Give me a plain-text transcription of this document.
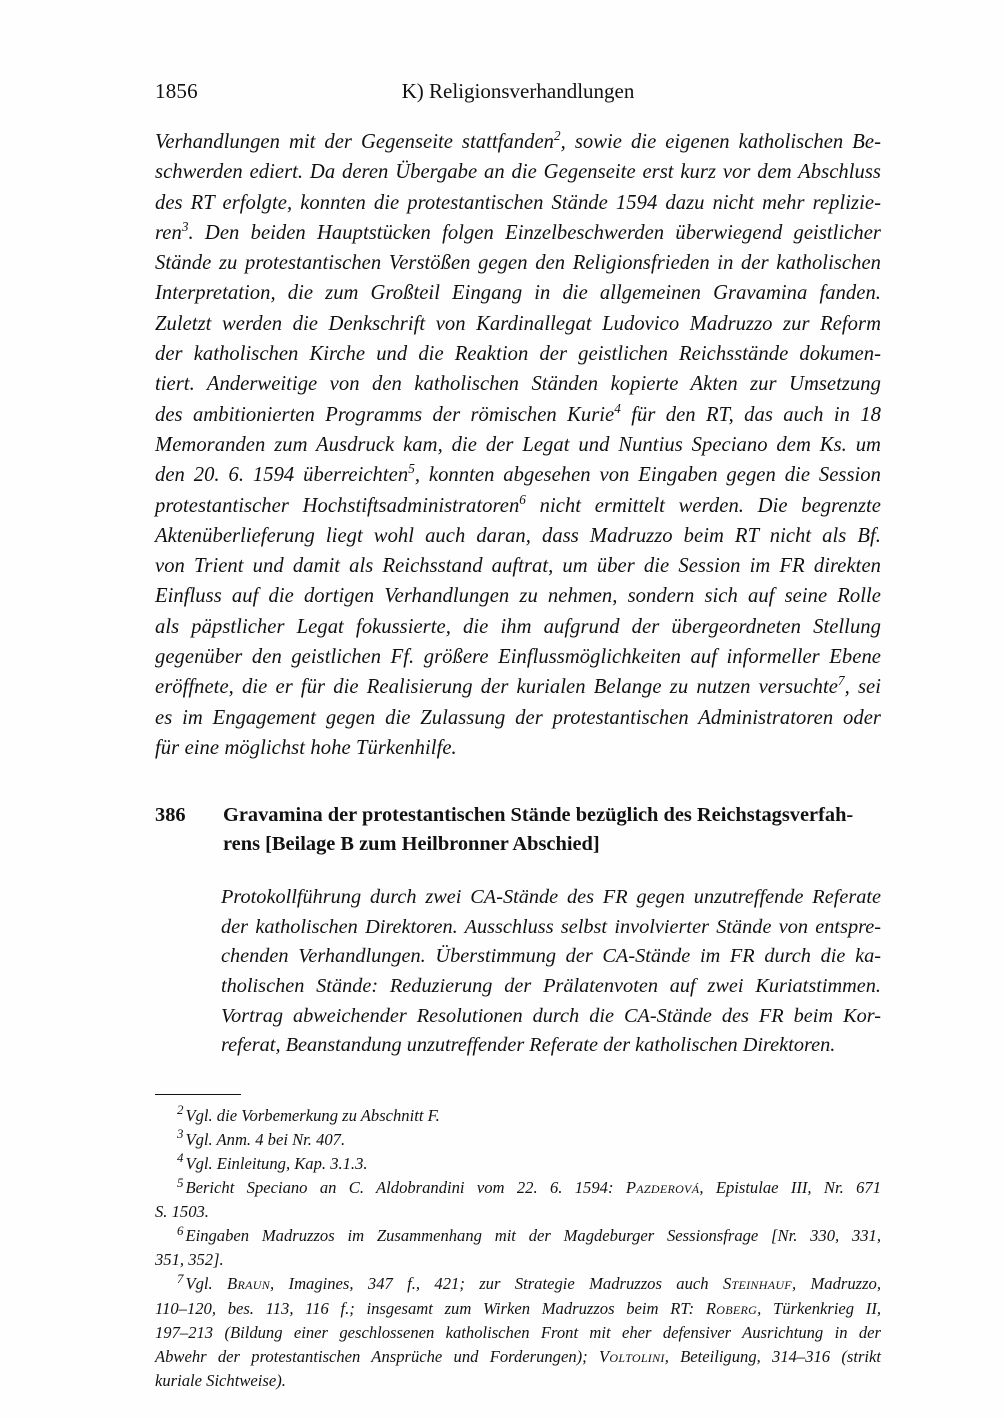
1856	K) Religionsverhandlungen
Verhandlungen mit der Gegenseite stattfanden$^2$, sowie die eigenen katholischen Be-
schwerden ediert. Da deren Übergabe an die Gegenseite erst kurz vor dem Abschluss
des RT erfolgte, konnten die protestantischen Stände 1594 dazu nicht mehr replizie-
ren$^3$. Den beiden Hauptstücken folgen Einzelbeschwerden überwiegend geistlicher
Stände zu protestantischen Verstößen gegen den Religionsfrieden in der katholischen
Interpretation, die zum Großteil Eingang in die allgemeinen Gravamina fanden.
Zuletzt werden die Denkschrift von Kardinallegat Ludovico Madruzzo zur Reform
der katholischen Kirche und die Reaktion der geistlichen Reichsstände dokumen-
tiert. Anderweitige von den katholischen Ständen kopierte Akten zur Umsetzung
des ambitionierten Programms der römischen Kurie$^4$ für den RT, das auch in 18
Memoranden zum Ausdruck kam, die der Legat und Nuntius Speciano dem Ks. um
den 20. 6. 1594 überreichten$^5$, konnten abgesehen von Eingaben gegen die Session
protestantischer Hochstiftsadministratoren$^6$ nicht ermittelt werden. Die begrenzte
Aktenüberlieferung liegt wohl auch daran, dass Madruzzo beim RT nicht als Bf.
von Trient und damit als Reichsstand auftrat, um über die Session im FR direkten
Einfluss auf die dortigen Verhandlungen zu nehmen, sondern sich auf seine Rolle
als päpstlicher Legat fokussierte, die ihm aufgrund der übergeordneten Stellung
gegenüber den geistlichen Ff. größere Einflussmöglichkeiten auf informeller Ebene
eröffnete, die er für die Realisierung der kurialen Belange zu nutzen versuchte$^7$, sei
es im Engagement gegen die Zulassung der protestantischen Administratoren oder
für eine möglichst hohe Türkenhilfe.
386 Gravamina der protestantischen Stände bezüglich des Reichstagsverfah-
rens [Beilage B zum Heilbronner Abschied]
Protokollführung durch zwei CA-Stände des FR gegen unzutreffende Referate
der katholischen Direktoren. Ausschluss selbst involvierter Stände von entspre-
chenden Verhandlungen. Überstimmung der CA-Stände im FR durch die ka-
tholischen Stände: Reduzierung der Prälatenvoten auf zwei Kuriatstimmen.
Vortrag abweichender Resolutionen durch die CA-Stände des FR beim Kor-
referat, Beanstandung unzutreffender Referate der katholischen Direktoren.
$^2$ Vgl. die Vorbemerkung zu Abschnitt F.
$^3$ Vgl. Anm. 4 bei Nr. 407.
$^4$ Vgl. Einleitung, Kap. 3.1.3.
$^5$ Bericht Speciano an C. Aldobrandini vom 22. 6. 1594: Pazderová, Epistulae III, Nr. 671
S. 1503.
$^6$ Eingaben Madruzzos im Zusammenhang mit der Magdeburger Sessionsfrage [Nr. 330, 331,
351, 352].
$^7$ Vgl. Braun, Imagines, 347 f., 421; zur Strategie Madruzzos auch Steinhauf, Madruzzo,
110–120, bes. 113, 116 f.; insgesamt zum Wirken Madruzzos beim RT: Roberg, Türkenkrieg II,
197–213 (Bildung einer geschlossenen katholischen Front mit eher defensiver Ausrichtung in der
Abwehr der protestantischen Ansprüche und Forderungen); Voltolini, Beteiligung, 314–316 (strikt
kuriale Sichtweise).
